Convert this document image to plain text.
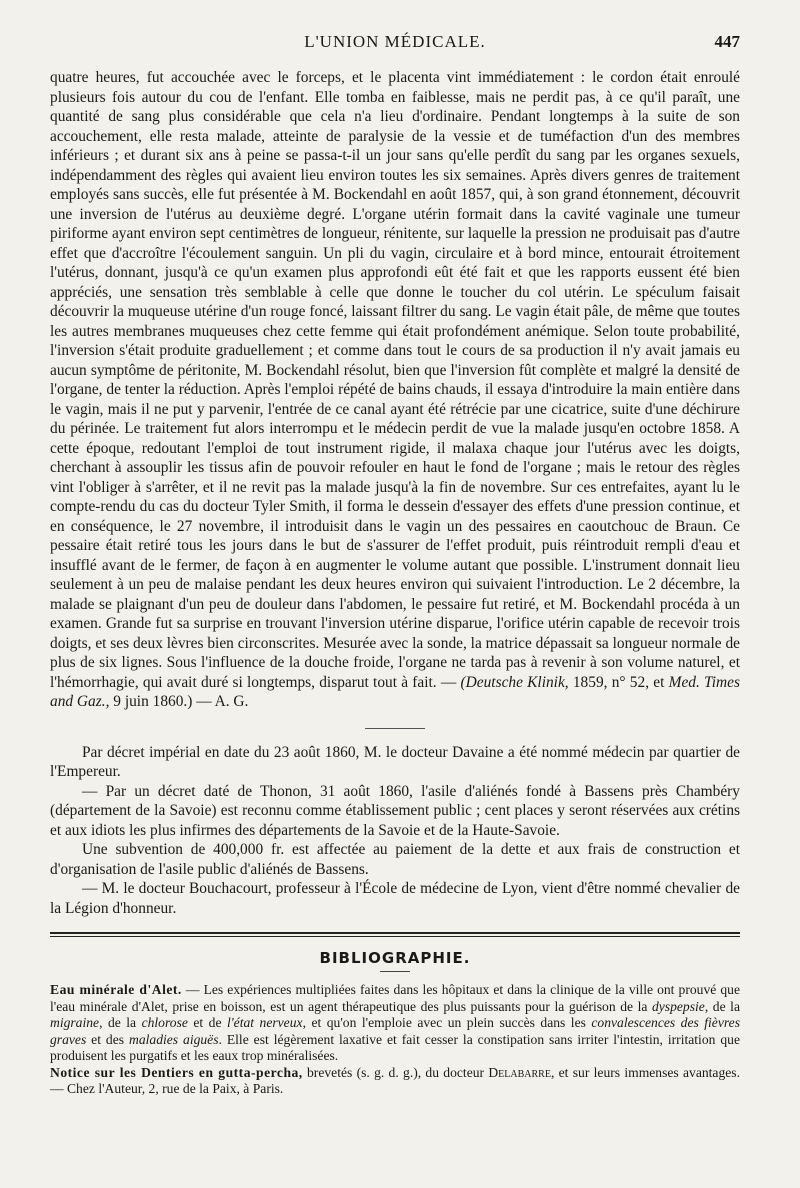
L'UNION MÉDICALE.	447

quatre heures, fut accouchée avec le forceps, et le placenta vint immédiatement : le cordon était enroulé plusieurs fois autour du cou de l'enfant. Elle tomba en faiblesse, mais ne perdit pas, à ce qu'il paraît, une quantité de sang plus considérable que cela n'a lieu d'ordinaire. Pendant longtemps à la suite de son accouchement, elle resta malade, atteinte de paralysie de la vessie et de tuméfaction d'un des membres inférieurs ; et durant six ans à peine se passa-t-il un jour sans qu'elle perdît du sang par les organes sexuels, indépendamment des règles qui avaient lieu environ toutes les six semaines. Après divers genres de traitement employés sans succès, elle fut présentée à M. Bockendahl en août 1857, qui, à son grand étonnement, découvrit une inversion de l'utérus au deuxième degré. L'organe utérin formait dans la cavité vaginale une tumeur piriforme ayant environ sept centimètres de longueur, rénitente, sur laquelle la pression ne produisait pas d'autre effet que d'accroître l'écoulement sanguin. Un pli du vagin, circulaire et à bord mince, entourait étroitement l'utérus, donnant, jusqu'à ce qu'un examen plus approfondi eût été fait et que les rapports eussent été bien appréciés, une sensation très semblable à celle que donne le toucher du col utérin. Le spéculum faisait découvrir la muqueuse utérine d'un rouge foncé, laissant filtrer du sang. Le vagin était pâle, de même que toutes les autres membranes muqueuses chez cette femme qui était profondément anémique. Selon toute probabilité, l'inversion s'était produite graduellement ; et comme dans tout le cours de sa production il n'y avait jamais eu aucun symptôme de péritonite, M. Bockendahl résolut, bien que l'inversion fût complète et malgré la densité de l'organe, de tenter la réduction. Après l'emploi répété de bains chauds, il essaya d'introduire la main entière dans le vagin, mais il ne put y parvenir, l'entrée de ce canal ayant été rétrécie par une cicatrice, suite d'une déchirure du périnée. Le traitement fut alors interrompu et le médecin perdit de vue la malade jusqu'en octobre 1858. A cette époque, redoutant l'emploi de tout instrument rigide, il malaxa chaque jour l'utérus avec les doigts, cherchant à assouplir les tissus afin de pouvoir refouler en haut le fond de l'organe ; mais le retour des règles vint l'obliger à s'arrêter, et il ne revit pas la malade jusqu'à la fin de novembre. Sur ces entrefaites, ayant lu le compte-rendu du cas du docteur Tyler Smith, il forma le dessein d'essayer des effets d'une pression continue, et en conséquence, le 27 novembre, il introduisit dans le vagin un des pessaires en caoutchouc de Braun. Ce pessaire était retiré tous les jours dans le but de s'assurer de l'effet produit, puis réintroduit rempli d'eau et insufflé avant de le fermer, de façon à en augmenter le volume autant que possible. L'instrument donnait lieu seulement à un peu de malaise pendant les deux heures environ qui suivaient l'introduction. Le 2 décembre, la malade se plaignant d'un peu de douleur dans l'abdomen, le pessaire fut retiré, et M. Bockendahl procéda à un examen. Grande fut sa surprise en trouvant l'inversion utérine disparue, l'orifice utérin capable de recevoir trois doigts, et ses deux lèvres bien circonscrites. Mesurée avec la sonde, la matrice dépassait sa longueur normale de plus de six lignes. Sous l'influence de la douche froide, l'organe ne tarda pas à revenir à son volume naturel, et l'hémorrhagie, qui avait duré si longtemps, disparut tout à fait. — (Deutsche Klinik, 1859, n° 52, et Med. Times and Gaz., 9 juin 1860.) — A. G.

Par décret impérial en date du 23 août 1860, M. le docteur Davaine a été nommé médecin par quartier de l'Empereur.

— Par un décret daté de Thonon, 31 août 1860, l'asile d'aliénés fondé à Bassens près Chambéry (département de la Savoie) est reconnu comme établissement public ; cent places y seront réservées aux crétins et aux idiots les plus infirmes des départements de la Savoie et de la Haute-Savoie.

Une subvention de 400,000 fr. est affectée au paiement de la dette et aux frais de construction et d'organisation de l'asile public d'aliénés de Bassens.

— M. le docteur Bouchacourt, professeur à l'École de médecine de Lyon, vient d'être nommé chevalier de la Légion d'honneur.

BIBLIOGRAPHIE.

Eau minérale d'Alet. — Les expériences multipliées faites dans les hôpitaux et dans la clinique de la ville ont prouvé que l'eau minérale d'Alet, prise en boisson, est un agent thérapeutique des plus puissants pour la guérison de la dyspepsie, de la migraine, de la chlorose et de l'état nerveux, et qu'on l'emploie avec un plein succès dans les convalescences des fièvres graves et des maladies aiguës. Elle est légèrement laxative et fait cesser la constipation sans irriter l'intestin, irritation que produisent les purgatifs et les eaux trop minéralisées.

Notice sur les Dentiers en gutta-percha, brevetés (s. g. d. g.), du docteur Delabarre, et sur leurs immenses avantages. — Chez l'Auteur, 2, rue de la Paix, à Paris.
